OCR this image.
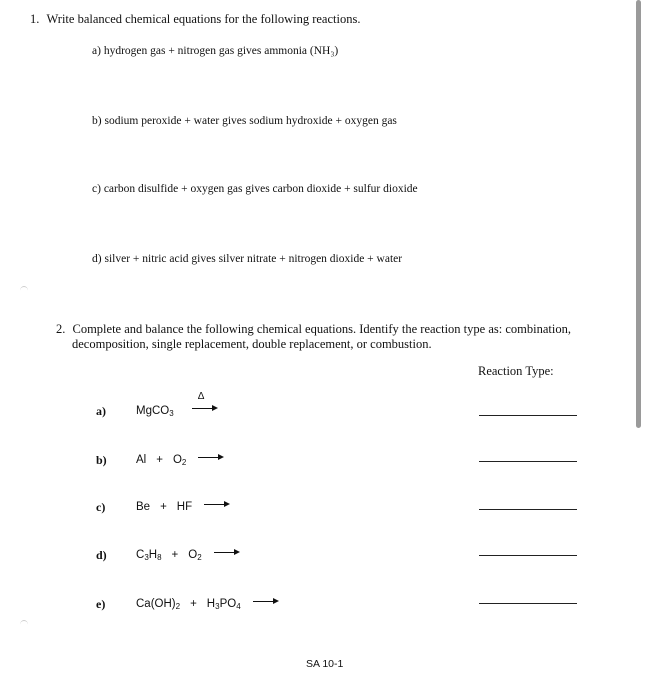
1. Write balanced chemical equations for the following reactions.
a) hydrogen gas + nitrogen gas gives ammonia (NH₃)
b) sodium peroxide + water gives sodium hydroxide + oxygen gas
c) carbon disulfide + oxygen gas gives carbon dioxide + sulfur dioxide
d) silver + nitric acid gives silver nitrate + nitrogen dioxide + water
2. Complete and balance the following chemical equations. Identify the reaction type as: combination,
decomposition, single replacement, double replacement, or combustion.
Reaction Type:
a)	MgCO$_3$
Δ
b)	$Al + O_2$
c)	Be + HF
d)	$C_3H_8 + O_2$
e)	$Ca(OH)_2 + H_3PO_4$
SA 10-1
